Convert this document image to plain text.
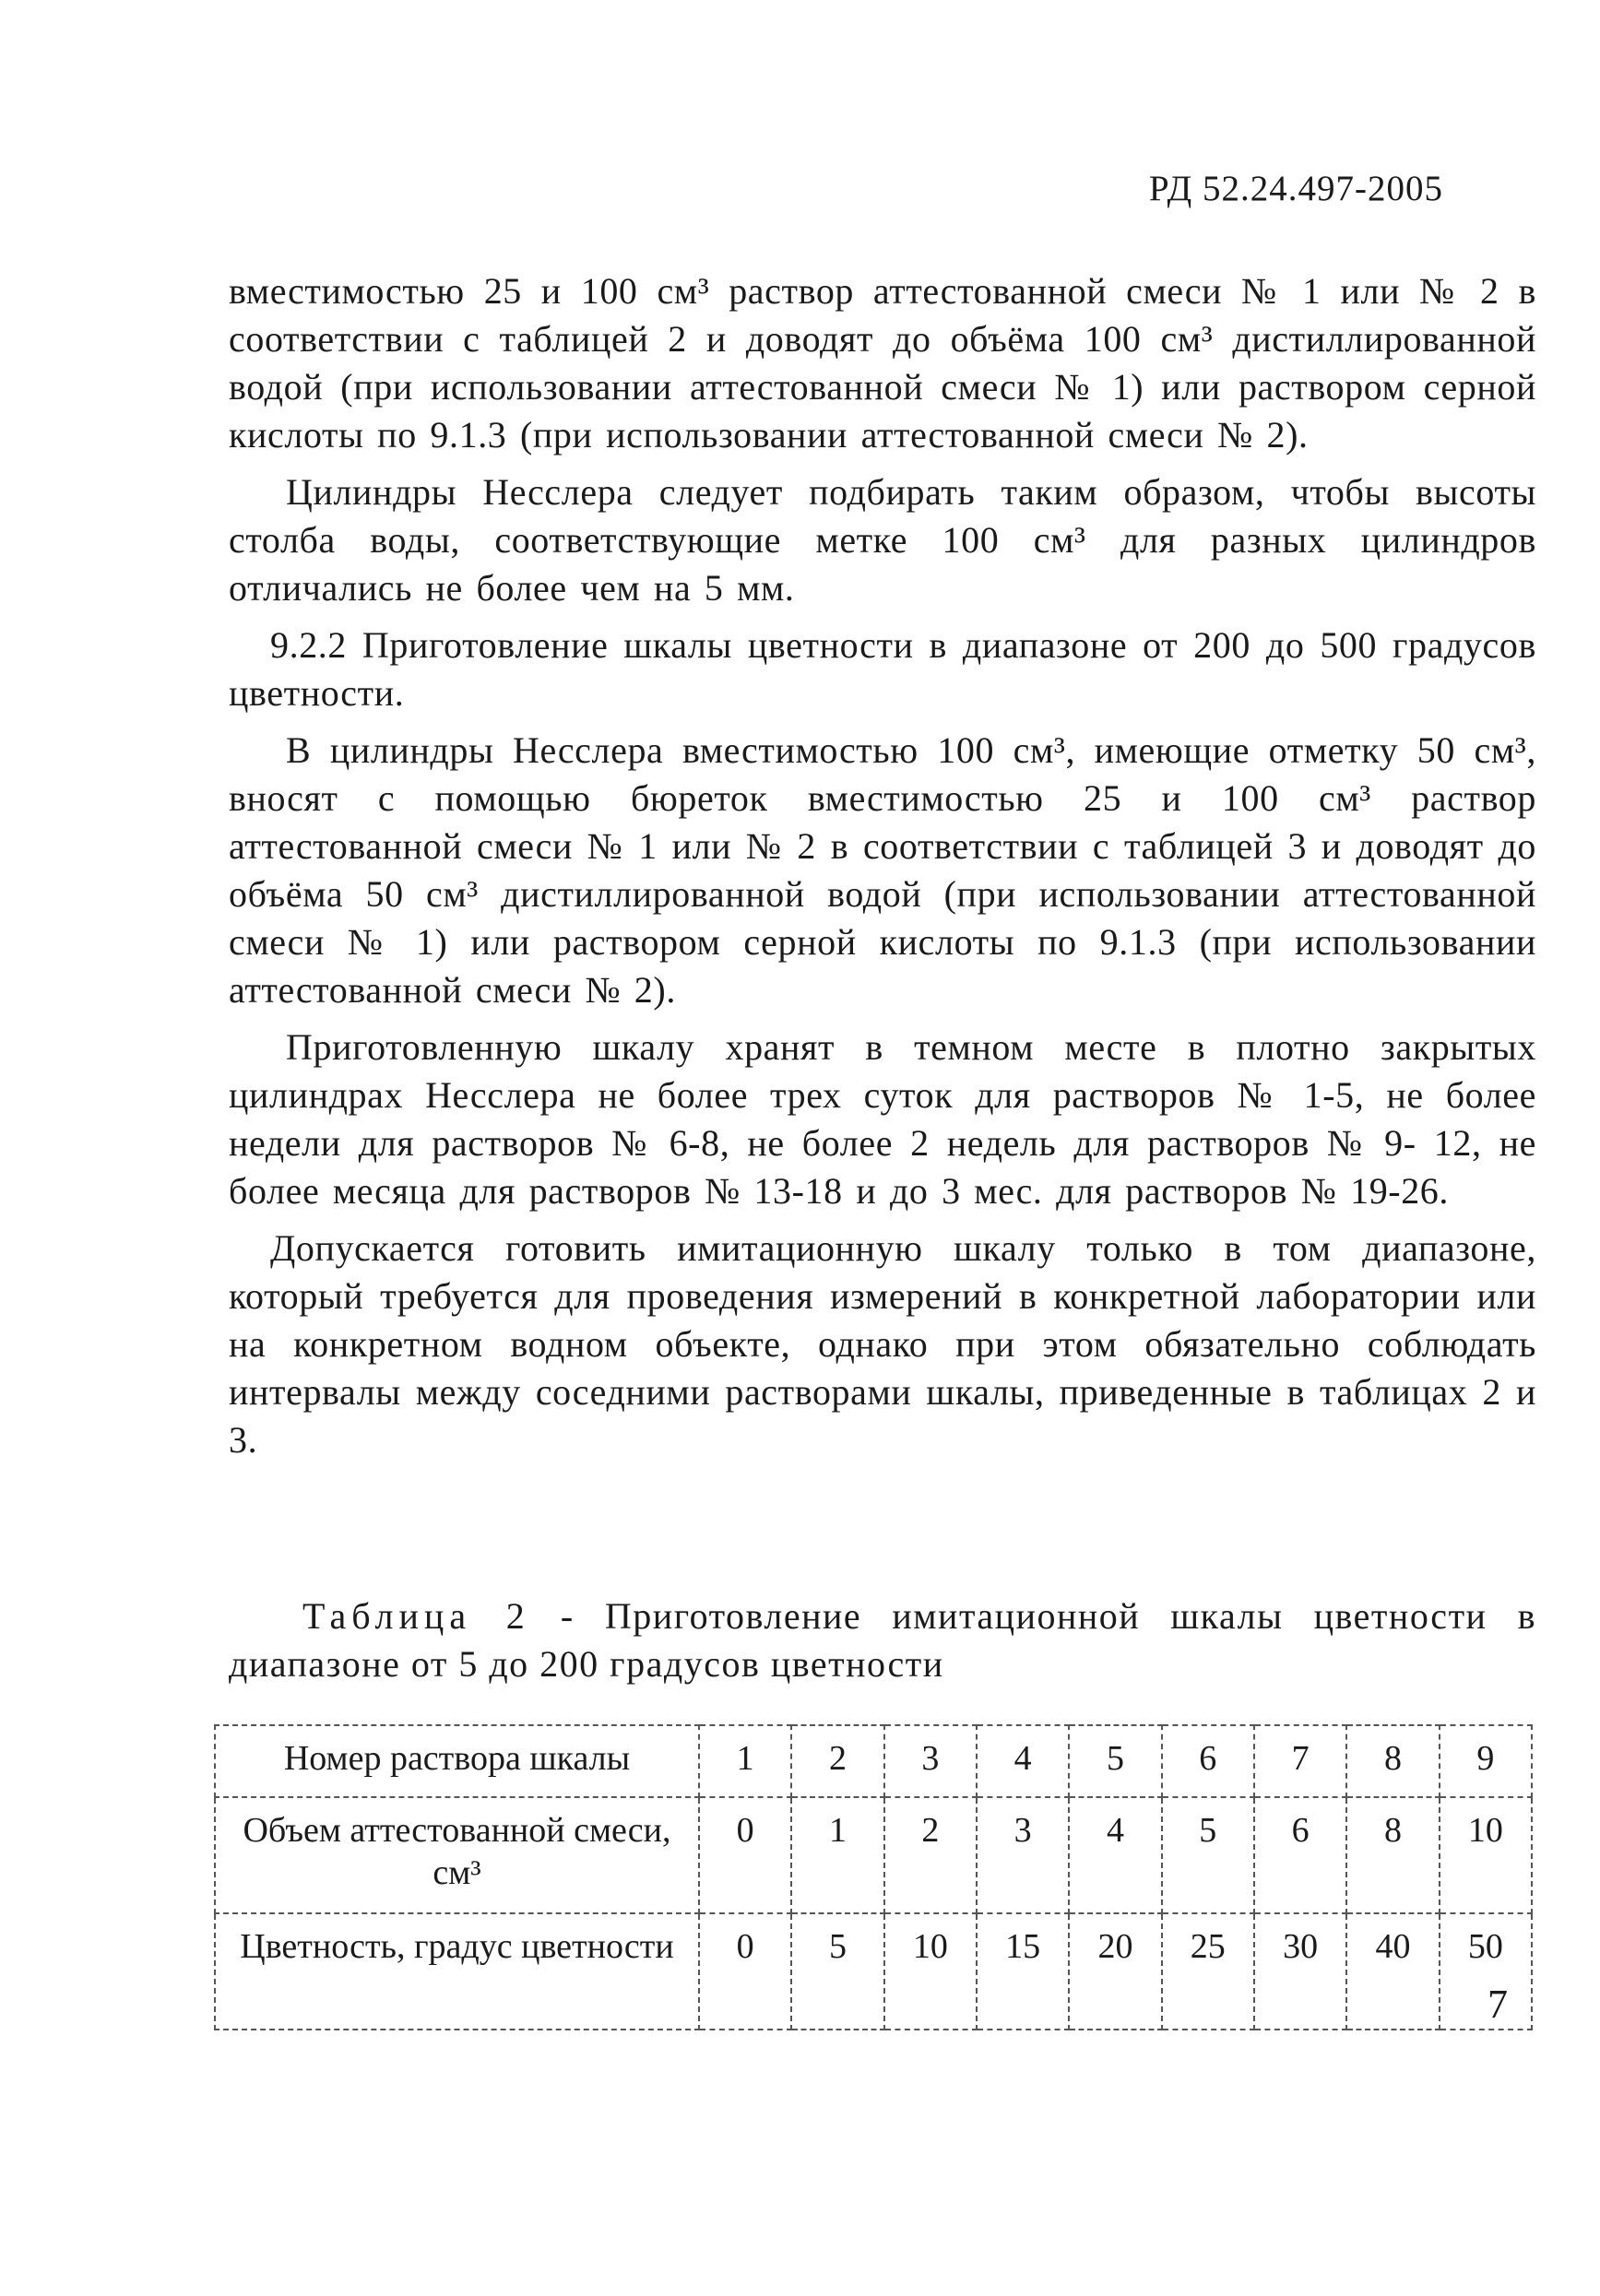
РД 52.24.497-2005

вместимостью 25 и 100 см³ раствор аттестованной смеси № 1 или № 2 в соответствии с таблицей 2 и доводят до объёма 100 см³ дистиллированной водой (при использовании аттестованной смеси № 1) или раствором серной кислоты по 9.1.3 (при использовании аттестованной смеси № 2).

Цилиндры Несслера следует подбирать таким образом, чтобы высоты столба воды, соответствующие метке 100 см³ для разных цилиндров отличались не более чем на 5 мм.

9.2.2 Приготовление шкалы цветности в диапазоне от 200 до 500 градусов цветности.

В цилиндры Несслера вместимостью 100 см³, имеющие отметку 50 см³, вносят с помощью бюреток вместимостью 25 и 100 см³ раствор аттестованной смеси № 1 или № 2 в соответствии с таблицей 3 и доводят до объёма 50 см³ дистиллированной водой (при использовании аттестованной смеси № 1) или раствором серной кислоты по 9.1.3 (при использовании аттестованной смеси № 2).

Приготовленную шкалу хранят в темном месте в плотно закрытых цилиндрах Несслера не более трех суток для растворов № 1-5, не более недели для растворов № 6-8, не более 2 недель для растворов № 9- 12, не более месяца для растворов № 13-18 и до 3 мес. для растворов № 19-26.

Допускается готовить имитационную шкалу только в том диапазоне, который требуется для проведения измерений в конкретной лаборатории или на конкретном водном объекте, однако при этом обязательно соблюдать интервалы между соседними растворами шкалы, приведенные в таблицах 2 и 3.

Таблица 2 - Приготовление имитационной шкалы цветности в диапазоне от 5 до 200 градусов цветности
Номер раствора шкалы	1	2	3	4	5	6	7	8	9
Объем аттестованной смеси, см³	0	1	2	3	4	5	6	8	10
Цветность, градус цветности	0	5	10	15	20	25	30	40	50
7
